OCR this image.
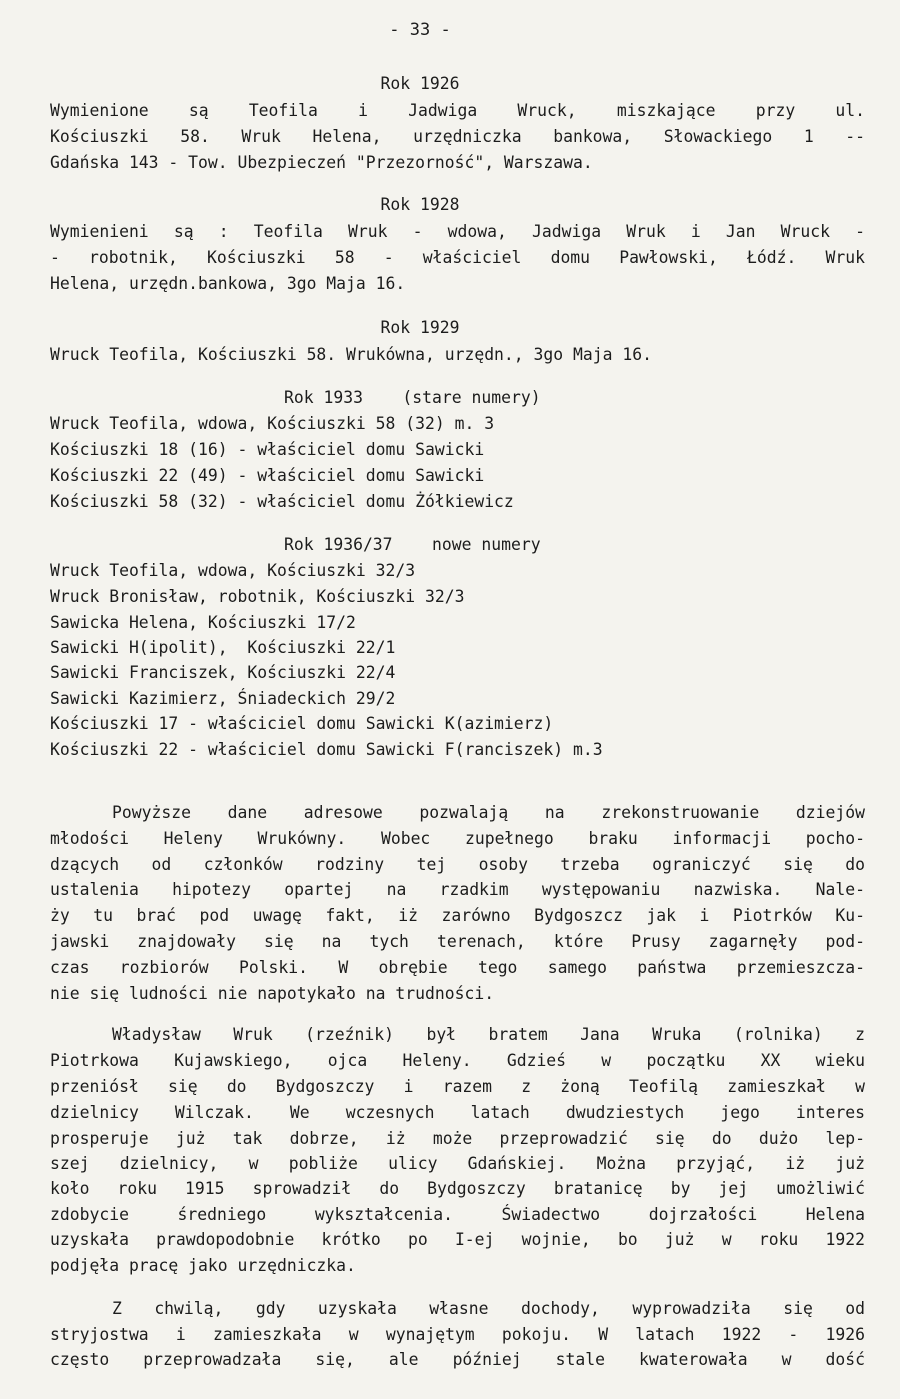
- 33 -
Rok 1926
Wymienione są Teofila i Jadwiga Wruck, miszkające przy ul.
Kościuszki 58. Wruk Helena, urzędniczka bankowa, Słowackiego 1 --
Gdańska 143 - Tow. Ubezpieczeń "Przezorność", Warszawa.
Rok 1928
Wymienieni są : Teofila Wruk - wdowa, Jadwiga Wruk i Jan Wruck -
- robotnik, Kościuszki 58 - właściciel domu Pawłowski, Łódź. Wruk
Helena, urzędn.bankowa, 3go Maja 16.
Rok 1929
Wruck Teofila, Kościuszki 58. Wrukówna, urzędn., 3go Maja 16.
Rok 1933    (stare numery)
Wruck Teofila, wdowa, Kościuszki 58 (32) m. 3
Kościuszki 18 (16) - właściciel domu Sawicki
Kościuszki 22 (49) - właściciel domu Sawicki
Kościuszki 58 (32) - właściciel domu Żółkiewicz
Rok 1936/37    nowe numery
Wruck Teofila, wdowa, Kościuszki 32/3
Wruck Bronisław, robotnik, Kościuszki 32/3
Sawicka Helena, Kościuszki 17/2
Sawicki H(ipolit),  Kościuszki 22/1
Sawicki Franciszek, Kościuszki 22/4
Sawicki Kazimierz, Śniadeckich 29/2
Kościuszki 17 - właściciel domu Sawicki K(azimierz)
Kościuszki 22 - właściciel domu Sawicki F(ranciszek) m.3
Powyższe dane adresowe pozwalają na zrekonstruowanie dziejów
młodości Heleny Wrukówny. Wobec zupełnego braku informacji pocho-
dzących od członków rodziny tej osoby trzeba ograniczyć się do
ustalenia hipotezy opartej na rzadkim występowaniu nazwiska. Nale-
ży tu brać pod uwagę fakt, iż zarówno Bydgoszcz jak i Piotrków Ku-
jawski znajdowały się na tych terenach, które Prusy zagarnęły pod-
czas rozbiorów Polski. W obrębie tego samego państwa przemieszcza-
nie się ludności nie napotykało na trudności.
Władysław Wruk (rzeźnik) był bratem Jana Wruka (rolnika) z
Piotrkowa Kujawskiego, ojca Heleny. Gdzieś w początku XX wieku
przeniósł się do Bydgoszczy i razem z żoną Teofilą zamieszkał w
dzielnicy Wilczak. We wczesnych latach dwudziestych jego interes
prosperuje już tak dobrze, iż może przeprowadzić się do dużo lep-
szej dzielnicy, w pobliże ulicy Gdańskiej. Można przyjąć, iż już
koło roku 1915 sprowadził do Bydgoszczy bratanicę by jej umożliwić
zdobycie średniego wykształcenia. Świadectwo dojrzałości Helena
uzyskała prawdopodobnie krótko po I-ej wojnie, bo już w roku 1922
podjęła pracę jako urzędniczka.
Z chwilą, gdy uzyskała własne dochody, wyprowadziła się od
stryjostwa i zamieszkała w wynajętym pokoju. W latach 1922 - 1926
często przeprowadzała się, ale później stale kwaterowała w dość
